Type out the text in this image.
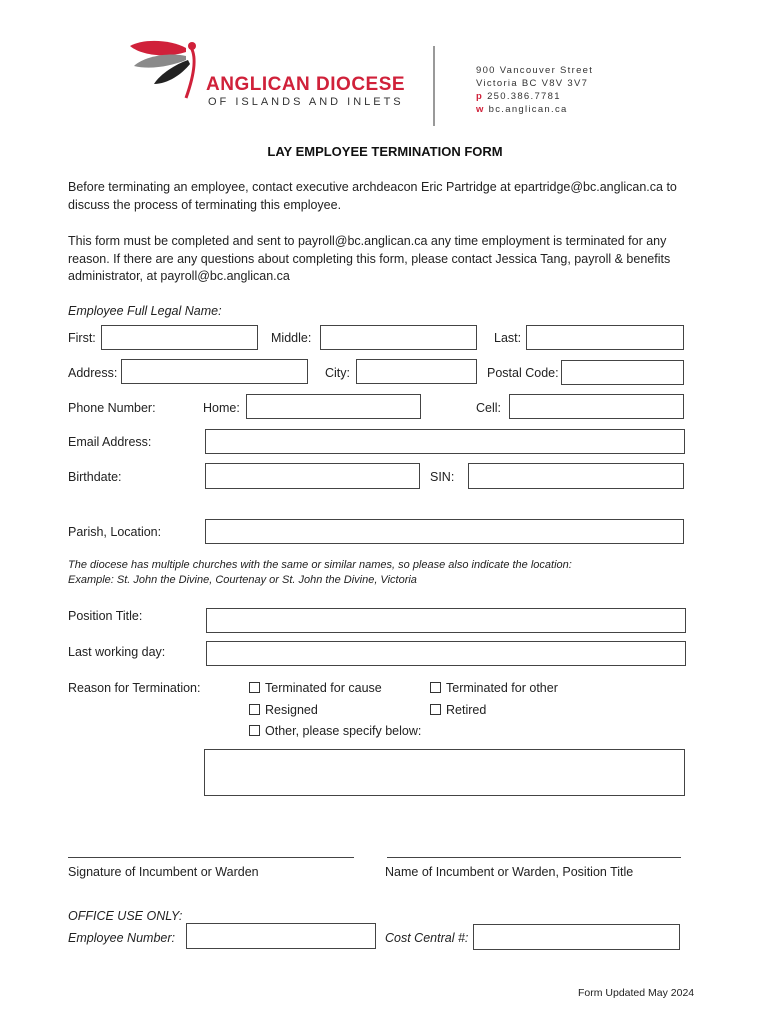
ANGLICAN DIOCESE
OF ISLANDS AND INLETS
900 Vancouver Street
Victoria BC V8V 3V7
p 250.386.7781
w bc.anglican.ca
LAY EMPLOYEE TERMINATION FORM
Before terminating an employee, contact executive archdeacon Eric Partridge at epartridge@bc.anglican.ca to discuss the process of terminating this employee.
This form must be completed and sent to payroll@bc.anglican.ca any time employment is terminated for any reason. If there are any questions about completing this form, please contact Jessica Tang, payroll & benefits administrator, at payroll@bc.anglican.ca
Employee Full Legal Name:
First:	Middle:	Last:
Address:	City:	Postal Code:
Phone Number:	Home:	Cell:
Email Address:
Birthdate:	SIN:
Parish, Location:
The diocese has multiple churches with the same or similar names, so please also indicate the location:
Example: St. John the Divine, Courtenay or St. John the Divine, Victoria
Position Title:
Last working day:
Reason for Termination:	Terminated for cause	Terminated for other
Resigned	Retired
Other, please specify below:
Signature of Incumbent or Warden	Name of Incumbent or Warden, Position Title
OFFICE USE ONLY:
Employee Number:	Cost Central #:
Form Updated May 2024
